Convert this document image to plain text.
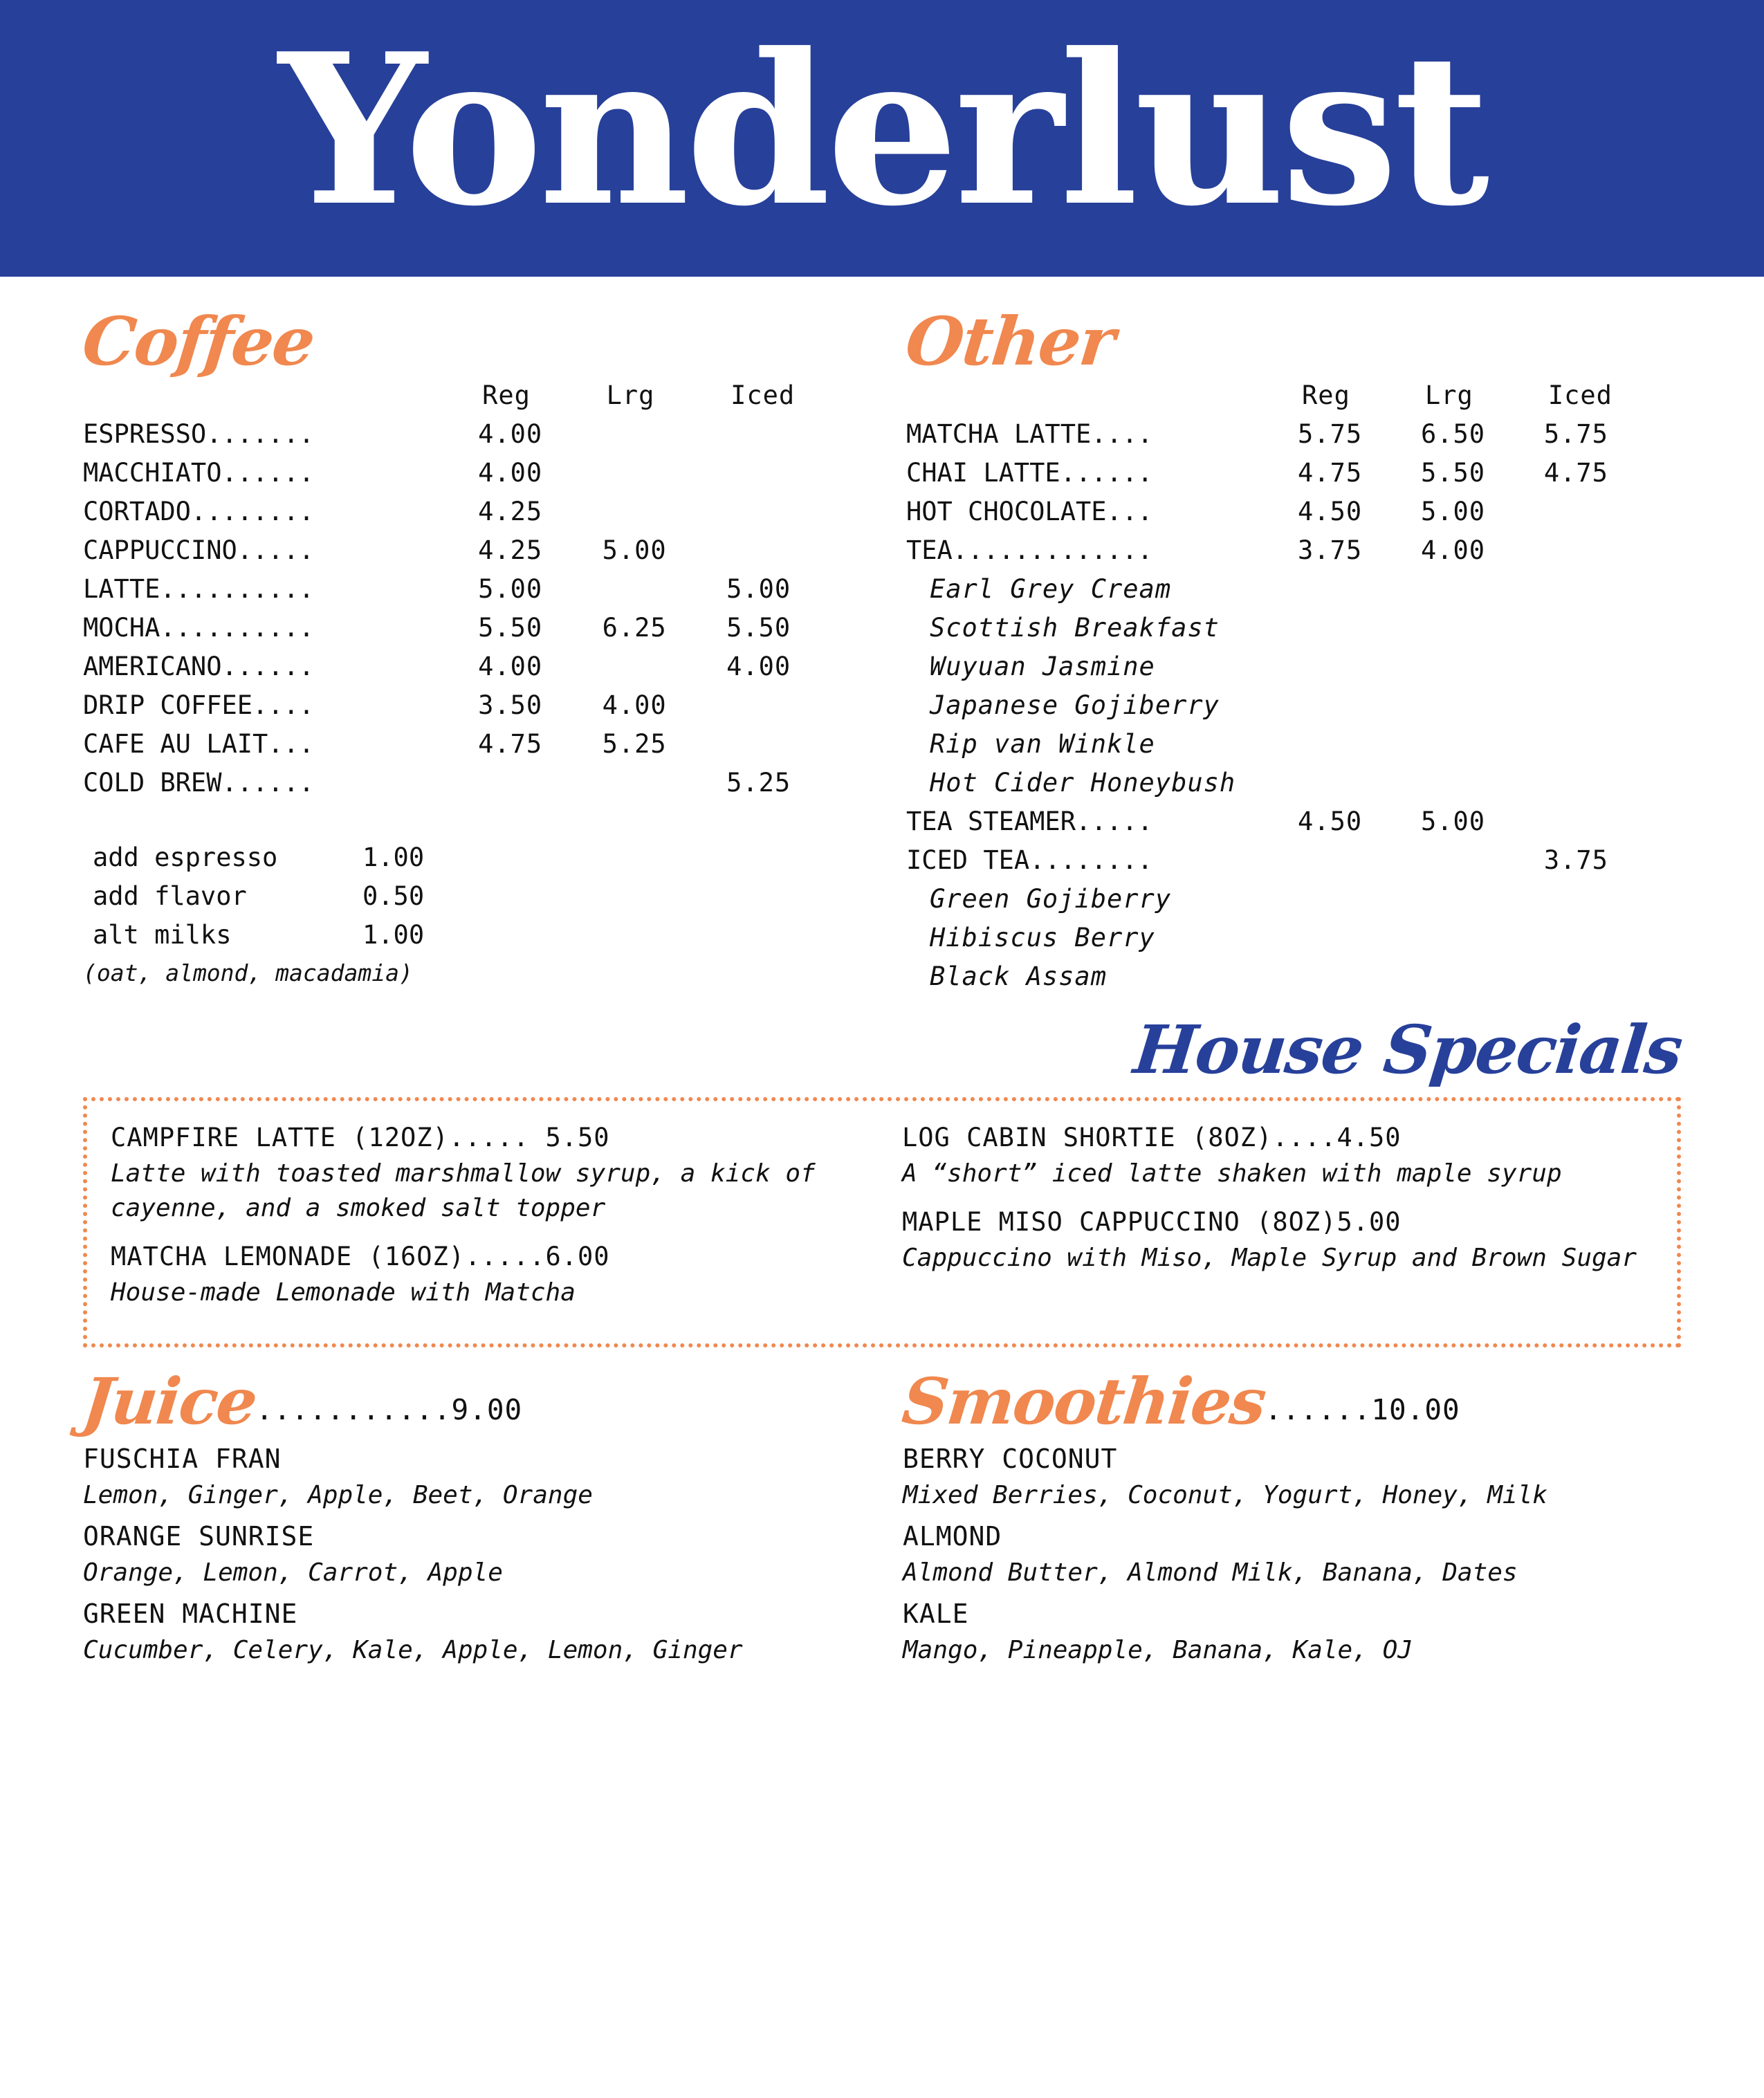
Yonderlust
Coffee
	Reg	Lrg	Iced
ESPRESSO.......	4.00		
MACCHIATO......	4.00		
CORTADO........	4.25		
CAPPUCCINO.....	4.25	5.00	
LATTE..........	5.00		5.00
MOCHA..........	5.50	6.25	5.50
AMERICANO......	4.00		4.00
DRIP COFFEE....	3.50	4.00	
CAFE AU LAIT...	4.75	5.25	
COLD BREW......			5.25
add espresso	1.00
add flavor	0.50
alt milks	1.00
(oat, almond, macadamia)
Other
	Reg	Lrg	Iced
MATCHA LATTE....	5.75	6.50	5.75
CHAI LATTE......	4.75	5.50	4.75
HOT CHOCOLATE...	4.50	5.00	
TEA.............	3.75	4.00	

Earl Grey Cream
Scottish Breakfast
Wuyuan Jasmine
Japanese Gojiberry
Rip van Winkle
Hot Cider Honeybush

TEA STEAMER.....	4.50	5.00	
ICED TEA........			3.75

Green Gojiberry
Hibiscus Berry
Black Assam			
House Specials
CAMPFIRE LATTE (12OZ)..... 5.50
Latte with toasted marshmallow syrup, a kick of cayenne, and a smoked salt topper
MATCHA LEMONADE (16OZ).....6.00
House-made Lemonade with Matcha
LOG CABIN SHORTIE (8OZ)....4.50
A “short” iced latte shaken with maple syrup
MAPLE MISO CAPPUCCINO (8OZ)5.00
Cappuccino with Miso, Maple Syrup and Brown Sugar
Juice
...........9.00
FUSCHIA FRAN
Lemon, Ginger, Apple, Beet, Orange
ORANGE SUNRISE
Orange, Lemon, Carrot, Apple
GREEN MACHINE
Cucumber, Celery, Kale, Apple, Lemon, Ginger
Smoothies
......10.00
BERRY COCONUT
Mixed Berries, Coconut, Yogurt, Honey, Milk
ALMOND
Almond Butter, Almond Milk, Banana, Dates
KALE
Mango, Pineapple, Banana, Kale, OJ
